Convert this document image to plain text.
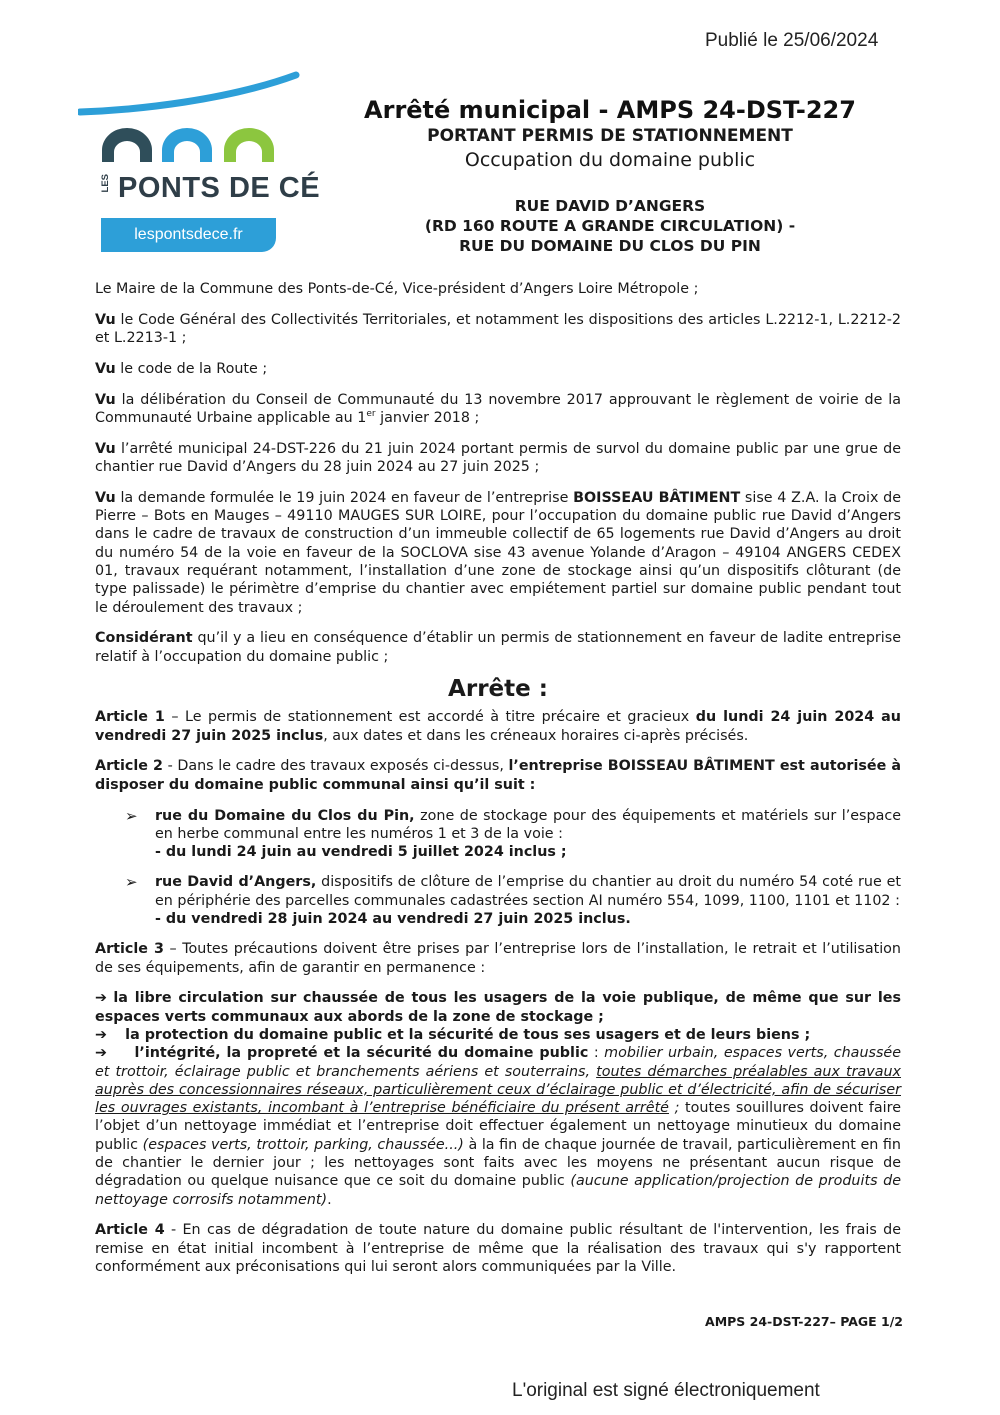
Publié le 25/06/2024
LES PONTS DE CÉ
lespontsdece.fr
Arrêté municipal - AMPS 24-DST-227
PORTANT PERMIS DE STATIONNEMENT
Occupation du domaine public
RUE DAVID D’ANGERS
(RD 160 ROUTE A GRANDE CIRCULATION) -
RUE DU DOMAINE DU CLOS DU PIN

Le Maire de la Commune des Ponts-de-Cé, Vice-président d’Angers Loire Métropole ;

Vu le Code Général des Collectivités Territoriales, et notamment les dispositions des articles L.2212-1, L.2212-2 et L.2213-1 ;

Vu le code de la Route ;

Vu la délibération du Conseil de Communauté du 13 novembre 2017 approuvant le règlement de voirie de la Communauté Urbaine applicable au 1er janvier 2018 ;

Vu l’arrêté municipal 24-DST-226 du 21 juin 2024 portant permis de survol du domaine public par une grue de chantier rue David d’Angers du 28 juin 2024 au 27 juin 2025 ;

Vu la demande formulée le 19 juin 2024 en faveur de l’entreprise BOISSEAU BÂTIMENT sise 4 Z.A. la Croix de Pierre – Bots en Mauges – 49110 MAUGES SUR LOIRE, pour l’occupation du domaine public rue David d’Angers dans le cadre de travaux de construction d’un immeuble collectif de 65 logements rue David d’Angers au droit du numéro 54 de la voie en faveur de la SOCLOVA sise 43 avenue Yolande d’Aragon – 49104 ANGERS CEDEX 01, travaux requérant notamment, l’installation d’une zone de stockage ainsi qu’un dispositifs clôturant (de type palissade) le périmètre d’emprise du chantier avec empiétement partiel sur domaine public pendant tout le déroulement des travaux ;

Considérant qu’il y a lieu en conséquence d’établir un permis de stationnement en faveur de ladite entreprise relatif à l’occupation du domaine public ;

Arrête :

Article 1 – Le permis de stationnement est accordé à titre précaire et gracieux du lundi 24 juin 2024 au vendredi 27 juin 2025 inclus, aux dates et dans les créneaux horaires ci-après précisés.

Article 2 - Dans le cadre des travaux exposés ci-dessus, l’entreprise BOISSEAU BÂTIMENT est autorisée à disposer du domaine public communal ainsi qu’il suit :

➢ rue du Domaine du Clos du Pin, zone de stockage pour des équipements et matériels sur l’espace en herbe communal entre les numéros 1 et 3 de la voie :
- du lundi 24 juin au vendredi 5 juillet 2024 inclus ;
➢ rue David d’Angers, dispositifs de clôture de l’emprise du chantier au droit du numéro 54 coté rue et en périphérie des parcelles communales cadastrées section AI numéro 554, 1099, 1100, 1101 et 1102 :
- du vendredi 28 juin 2024 au vendredi 27 juin 2025 inclus.

Article 3 – Toutes précautions doivent être prises par l’entreprise lors de l’installation, le retrait et l’utilisation de ses équipements, afin de garantir en permanence :

➔ la libre circulation sur chaussée de tous les usagers de la voie publique, de même que sur les espaces verts communaux aux abords de la zone de stockage ;

➔ la protection du domaine public et la sécurité de tous ses usagers et de leurs biens ;

➔ l’intégrité, la propreté et la sécurité du domaine public : mobilier urbain, espaces verts, chaussée et trottoir, éclairage public et branchements aériens et souterrains, toutes démarches préalables aux travaux auprès des concessionnaires réseaux, particulièrement ceux d’éclairage public et d’électricité, afin de sécuriser les ouvrages existants, incombant à l’entreprise bénéficiaire du présent arrêté ; toutes souillures doivent faire l’objet d’un nettoyage immédiat et l’entreprise doit effectuer également un nettoyage minutieux du domaine public (espaces verts, trottoir, parking, chaussée...) à la fin de chaque journée de travail, particulièrement en fin de chantier le dernier jour ; les nettoyages sont faits avec les moyens ne présentant aucun risque de dégradation ou quelque nuisance que ce soit du domaine public (aucune application/projection de produits de nettoyage corrosifs notamment).

Article 4 - En cas de dégradation de toute nature du domaine public résultant de l'intervention, les frais de remise en état initial incombent à l’entreprise de même que la réalisation des travaux qui s'y rapportent conformément aux préconisations qui lui seront alors communiquées par la Ville.

AMPS 24-DST-227– PAGE 1/2
L'original est signé électroniquement
